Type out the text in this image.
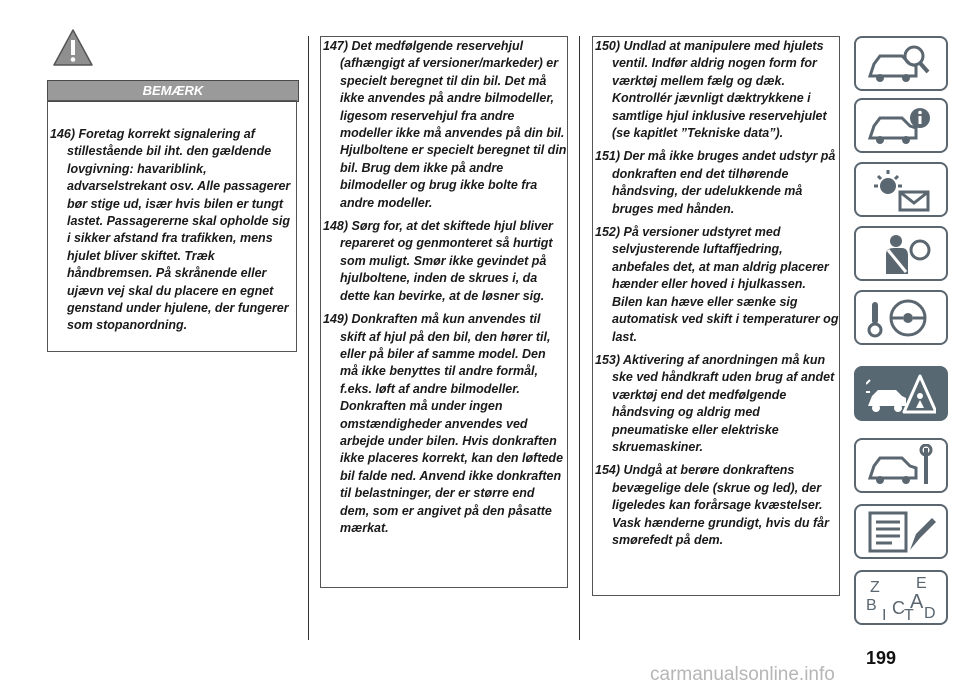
BEMÆRK

146) Foretag korrekt signalering af stillestående bil iht. den gældende lovgivning: havariblink, advarselstrekant osv. Alle passagerer bør stige ud, især hvis bilen er tungt lastet. Passagererne skal opholde sig i sikker afstand fra trafikken, mens hjulet bliver skiftet. Træk håndbremsen. På skrånende eller ujævn vej skal du placere en egnet genstand under hjulene, der fungerer som stopanordning.

147) Det medfølgende reservehjul (afhængigt af versioner/markeder) er specielt beregnet til din bil. Det må ikke anvendes på andre bilmodeller, ligesom reservehjul fra andre modeller ikke må anvendes på din bil. Hjulboltene er specielt beregnet til din bil. Brug dem ikke på andre bilmodeller og brug ikke bolte fra andre modeller.

148) Sørg for, at det skiftede hjul bliver repareret og genmonteret så hurtigt som muligt. Smør ikke gevindet på hjulboltene, inden de skrues i, da dette kan bevirke, at de løsner sig.

149) Donkraften må kun anvendes til skift af hjul på den bil, den hører til, eller på biler af samme model. Den må ikke benyttes til andre formål, f.eks. løft af andre bilmodeller. Donkraften må under ingen omstændigheder anvendes ved arbejde under bilen. Hvis donkraften ikke placeres korrekt, kan den løftede bil falde ned. Anvend ikke donkraften til belastninger, der er større end dem, som er angivet på den påsatte mærkat.

150) Undlad at manipulere med hjulets ventil. Indfør aldrig nogen form for værktøj mellem fælg og dæk. Kontrollér jævnligt dæktrykkene i samtlige hjul inklusive reservehjulet (se kapitlet ”Tekniske data”).

151) Der må ikke bruges andet udstyr på donkraften end det tilhørende håndsving, der udelukkende må bruges med hånden.

152) På versioner udstyret med selvjusterende luftaffjedring, anbefales det, at man aldrig placerer hænder eller hoved i hjulkassen. Bilen kan hæve eller sænke sig automatisk ved skift i temperaturer og last.

153) Aktivering af anordningen må kun ske ved håndkraft uden brug af andet værktøj end det medfølgende håndsving og aldrig med pneumatiske eller elektriske skruemaskiner.

154) Undgå at berøre donkraftens bevægelige dele (skrue og led), der ligeledes kan forårsage kvæstelser. Vask hænderne grundigt, hvis du får smørefedt på dem.

Z E
B A
I C T D
199
carmanualsonline.info
